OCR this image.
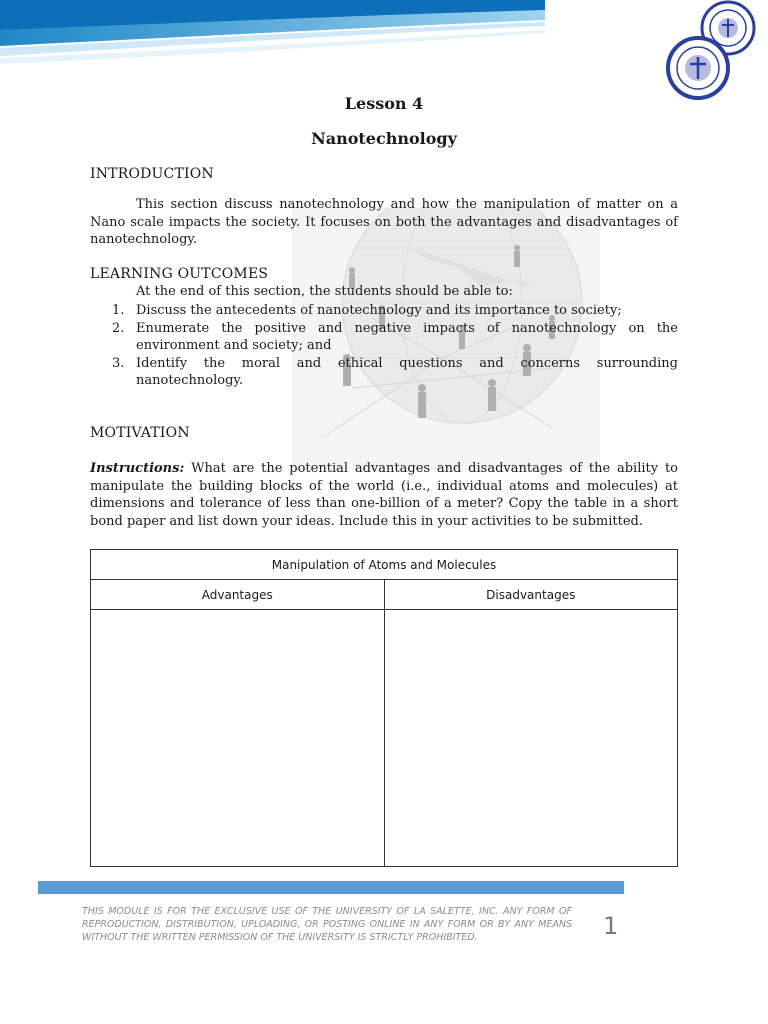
Lesson 4
Nanotechnology
INTRODUCTION

This section discuss nanotechnology and how the manipulation of matter on a Nano scale impacts the society. It focuses on both the advantages and disadvantages of nanotechnology.

LEARNING OUTCOMES
At the end of this section, the students should be able to:
1. Discuss the antecedents of nanotechnology and its importance to society;
2. Enumerate the positive and negative impacts of nanotechnology on the environment and society; and
3. Identify the moral and ethical questions and concerns surrounding nanotechnology.
MOTIVATION

Instructions: What are the potential advantages and disadvantages of the ability to manipulate the building blocks of the world (i.e., individual atoms and molecules) at dimensions and tolerance of less than one-billion of a meter? Copy the table in a short bond paper and list down your ideas. Include this in your activities to be submitted.

Manipulation of Atoms and Molecules	
Advantages	Disadvantages

THIS MODULE IS FOR THE EXCLUSIVE USE OF THE UNIVERSITY OF LA SALETTE, INC. ANY FORM OF REPRODUCTION, DISTRIBUTION, UPLOADING, OR POSTING ONLINE IN ANY FORM OR BY ANY MEANS WITHOUT THE WRITTEN PERMISSION OF THE UNIVERSITY IS STRICTLY PROHIBITED.	1
